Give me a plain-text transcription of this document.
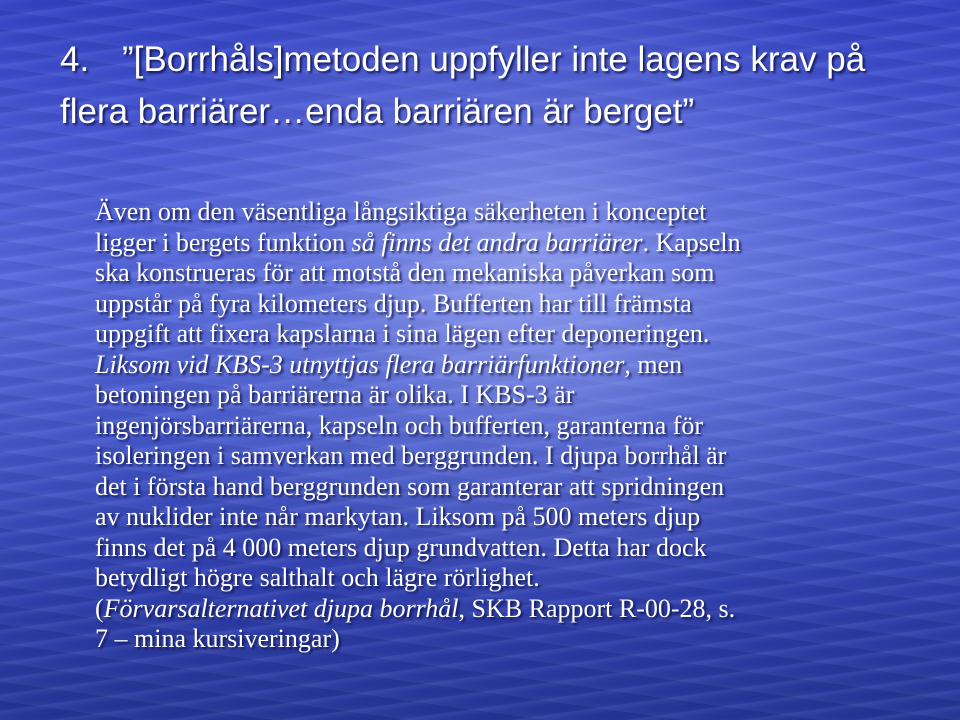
4. ”[Borrhåls]metoden uppfyller inte lagens krav på flera barriärer…enda barriären är berget”
Även om den väsentliga långsiktiga säkerheten i konceptet
ligger i bergets funktion så finns det andra barriärer. Kapseln
ska konstrueras för att motstå den mekaniska påverkan som
uppstår på fyra kilometers djup. Bufferten har till främsta
uppgift att fixera kapslarna i sina lägen efter deponeringen.
Liksom vid KBS-3 utnyttjas flera barriärfunktioner, men
betoningen på barriärerna är olika. I KBS-3 är
ingenjörsbarriärerna, kapseln och bufferten, garanterna för
isoleringen i samverkan med berggrunden. I djupa borrhål är
det i första hand berggrunden som garanterar att spridningen
av nuklider inte når markytan. Liksom på 500 meters djup
finns det på 4 000 meters djup grundvatten. Detta har dock
betydligt högre salthalt och lägre rörlighet.
(Förvarsalternativet djupa borrhål, SKB Rapport R-00-28, s.
7 – mina kursiveringar)
